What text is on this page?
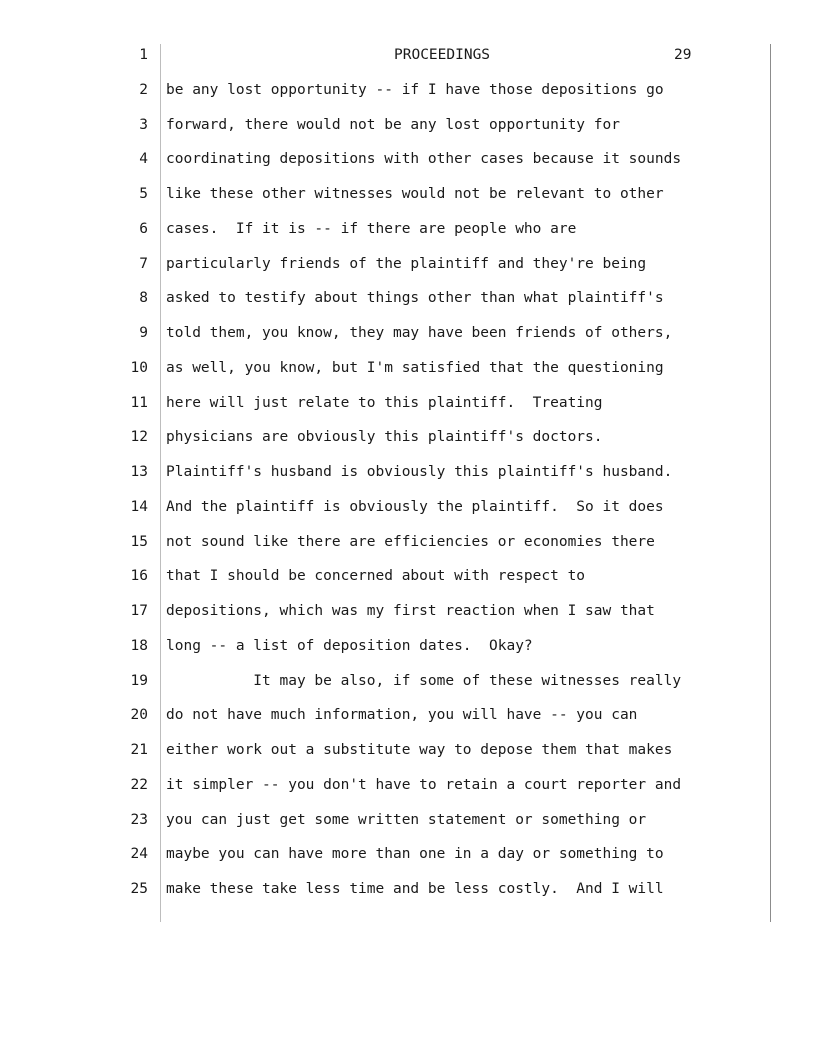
1	PROCEEDINGS	29
2 be any lost opportunity -- if I have those depositions go
3 forward, there would not be any lost opportunity for
4 coordinating depositions with other cases because it sounds
5 like these other witnesses would not be relevant to other
6 cases.  If it is -- if there are people who are
7 particularly friends of the plaintiff and they're being
8 asked to testify about things other than what plaintiff's
9 told them, you know, they may have been friends of others,
10 as well, you know, but I'm satisfied that the questioning
11 here will just relate to this plaintiff.  Treating
12 physicians are obviously this plaintiff's doctors.
13 Plaintiff's husband is obviously this plaintiff's husband.
14 And the plaintiff is obviously the plaintiff.  So it does
15 not sound like there are efficiencies or economies there
16 that I should be concerned about with respect to
17 depositions, which was my first reaction when I saw that
18 long -- a list of deposition dates.  Okay?
19 It may be also, if some of these witnesses really
20 do not have much information, you will have -- you can
21 either work out a substitute way to depose them that makes
22 it simpler -- you don't have to retain a court reporter and
23 you can just get some written statement or something or
24 maybe you can have more than one in a day or something to
25 make these take less time and be less costly.  And I will
